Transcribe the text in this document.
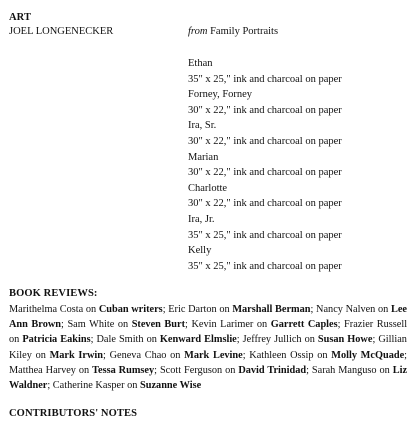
ART
JOEL LONGENECKER	from Family Portraits
Ethan
35" x 25," ink and charcoal on paper
Forney, Forney
30" x 22," ink and charcoal on paper
Ira, Sr.
30" x 22," ink and charcoal on paper
Marian
30" x 22," ink and charcoal on paper
Charlotte
30" x 22," ink and charcoal on paper
Ira, Jr.
35" x 25," ink and charcoal on paper
Kelly
35" x 25," ink and charcoal on paper
BOOK REVIEWS:

Marithelma Costa on Cuban writers; Eric Darton on Marshall Berman; Nancy Nalven on Lee Ann Brown; Sam White on Steven Burt; Kevin Larimer on Garrett Caples; Frazier Russell on Patricia Eakins; Dale Smith on Kenward Elmslie; Jeffrey Jullich on Susan Howe; Gillian Kiley on Mark Irwin; Geneva Chao on Mark Levine; Kathleen Ossip on Molly McQuade; Matthea Harvey on Tessa Rumsey; Scott Ferguson on David Trinidad; Sarah Manguso on Liz Waldner; Catherine Kasper on Suzanne Wise

CONTRIBUTORS' NOTES
